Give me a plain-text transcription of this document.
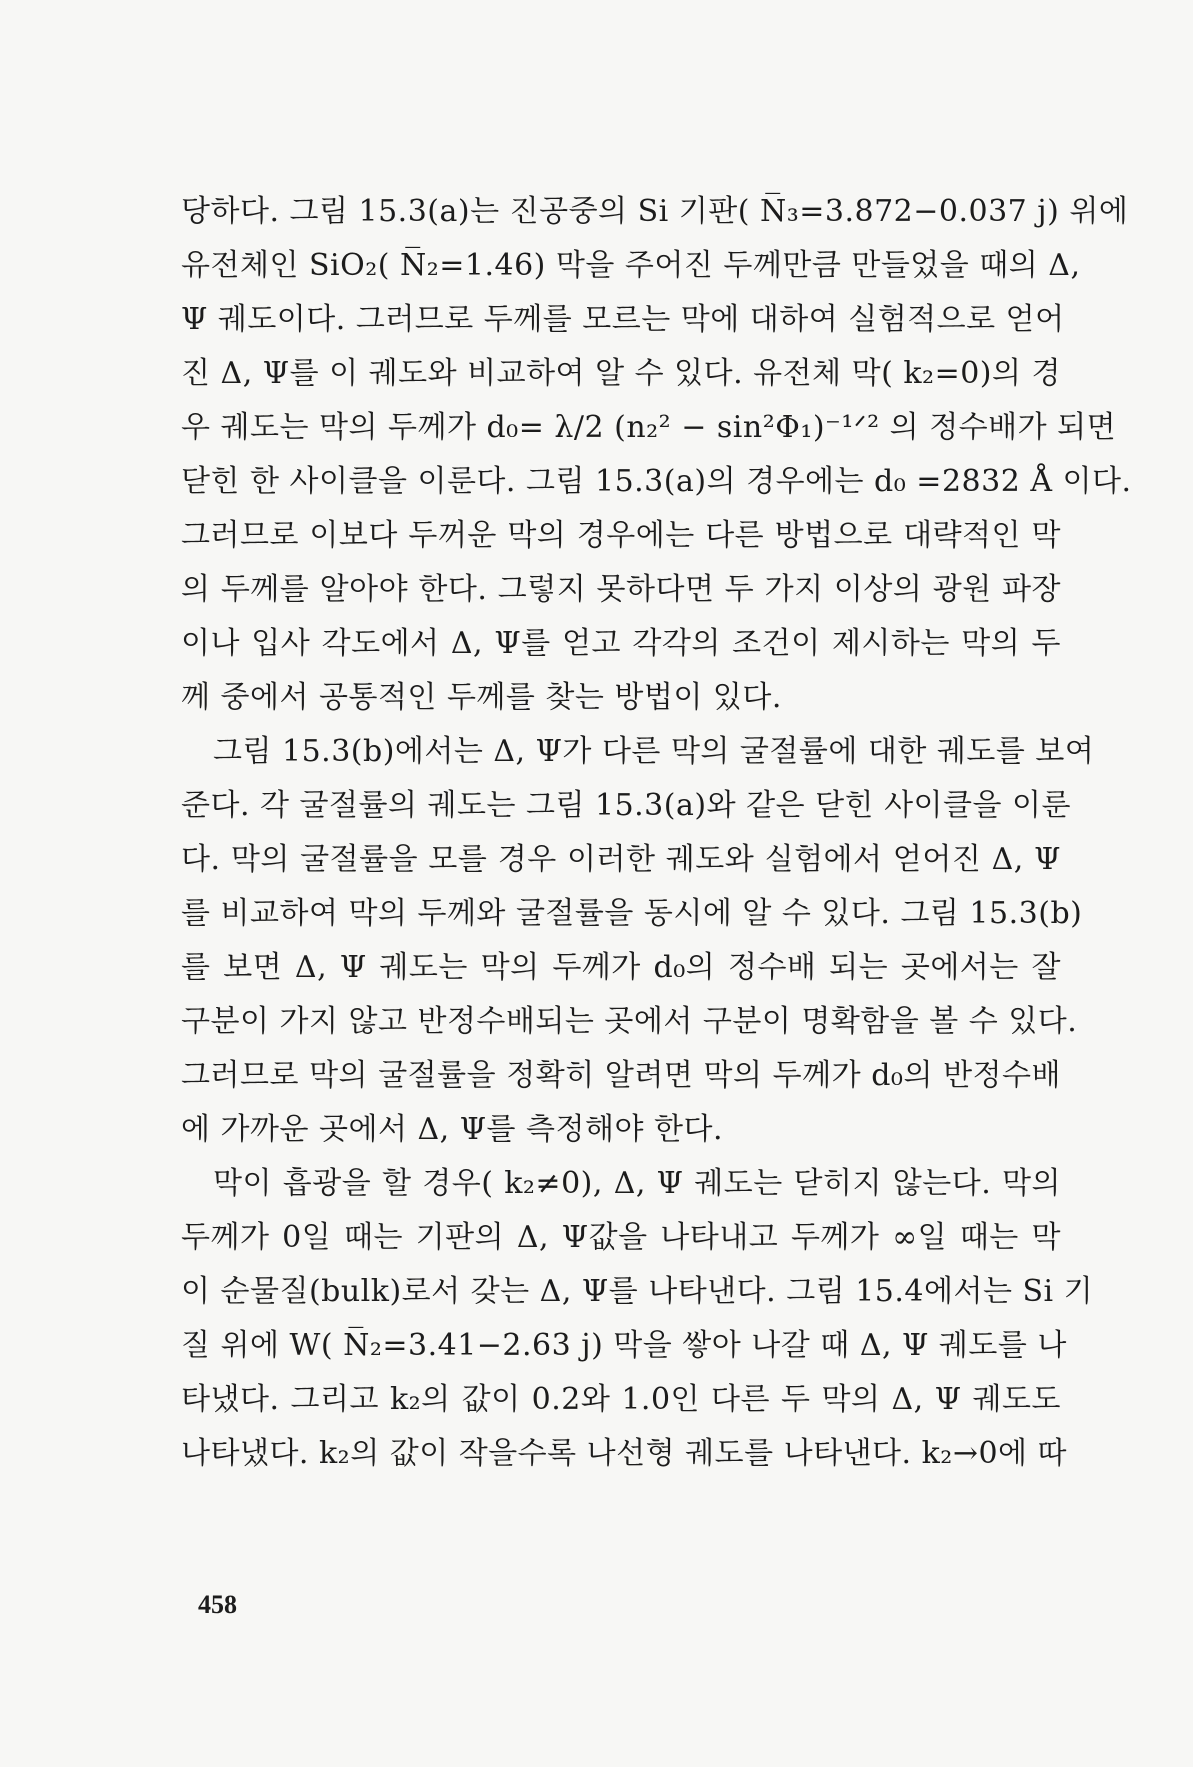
당하다. 그림 15.3(a)는 진공중의 Si 기판( N̅₃=3.872−0.037 j) 위에
유전체인 SiO₂( N̅₂=1.46) 막을 주어진 두께만큼 만들었을 때의 Δ,
Ψ 궤도이다. 그러므로 두께를 모르는 막에 대하여 실험적으로 얻어
진 Δ, Ψ를 이 궤도와 비교하여 알 수 있다. 유전체 막( k₂=0)의 경
우 궤도는 막의 두께가 d₀= λ/2 (n₂² − sin²Φ₁)⁻¹ᐟ² 의 정수배가 되면
닫힌 한 사이클을 이룬다. 그림 15.3(a)의 경우에는 d₀ =2832 Å 이다.
그러므로 이보다 두꺼운 막의 경우에는 다른 방법으로 대략적인 막
의 두께를 알아야 한다. 그렇지 못하다면 두 가지 이상의 광원 파장
이나 입사 각도에서 Δ, Ψ를 얻고 각각의 조건이 제시하는 막의 두
께 중에서 공통적인 두께를 찾는 방법이 있다.
그림 15.3(b)에서는 Δ, Ψ가 다른 막의 굴절률에 대한 궤도를 보여
준다. 각 굴절률의 궤도는 그림 15.3(a)와 같은 닫힌 사이클을 이룬
다. 막의 굴절률을 모를 경우 이러한 궤도와 실험에서 얻어진 Δ, Ψ
를 비교하여 막의 두께와 굴절률을 동시에 알 수 있다. 그림 15.3(b)
를 보면 Δ, Ψ 궤도는 막의 두께가 d₀의 정수배 되는 곳에서는 잘
구분이 가지 않고 반정수배되는 곳에서 구분이 명확함을 볼 수 있다.
그러므로 막의 굴절률을 정확히 알려면 막의 두께가 d₀의 반정수배
에 가까운 곳에서 Δ, Ψ를 측정해야 한다.
막이 흡광을 할 경우( k₂≠0), Δ, Ψ 궤도는 닫히지 않는다. 막의
두께가 0일 때는 기판의 Δ, Ψ값을 나타내고 두께가 ∞일 때는 막
이 순물질(bulk)로서 갖는 Δ, Ψ를 나타낸다. 그림 15.4에서는 Si 기
질 위에 W( N̅₂=3.41−2.63 j) 막을 쌓아 나갈 때 Δ, Ψ 궤도를 나
타냈다. 그리고 k₂의 값이 0.2와 1.0인 다른 두 막의 Δ, Ψ 궤도도
나타냈다. k₂의 값이 작을수록 나선형 궤도를 나타낸다. k₂→0에 따
458
